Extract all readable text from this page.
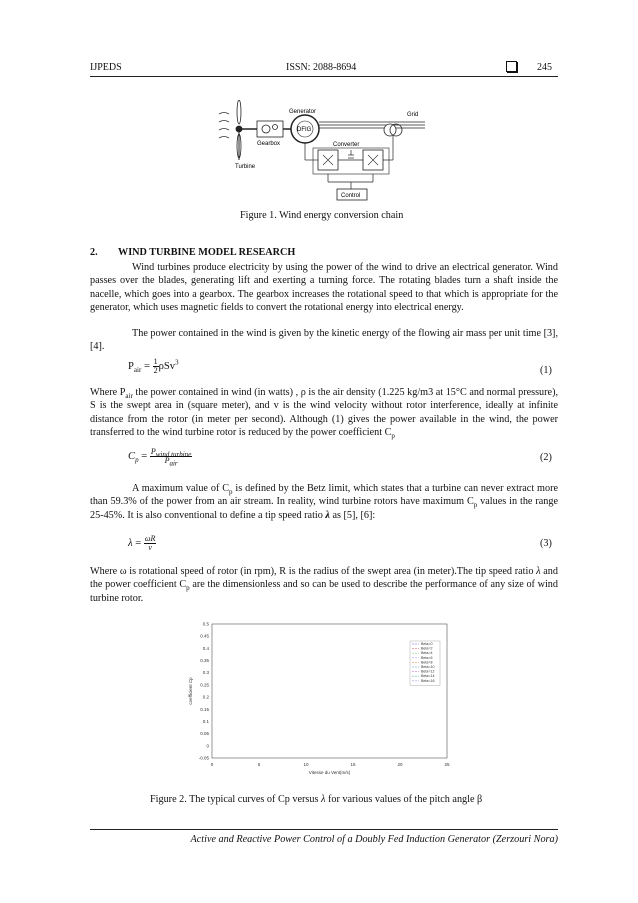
IJPEDS	ISSN: 2088-8694	245
Turbine
Gearbox
DFIG
Generator	Grid
Converter
Control
Figure 1. Wind energy conversion chain
2.  WIND TURBINE MODEL RESEARCH
Wind turbines produce electricity by using the power of the wind to drive an electrical generator. Wind passes over the blades, generating lift and exerting a turning force. The rotating blades turn a shaft inside the nacelle, which goes into a gearbox. The gearbox increases the rotational speed to that which is appropriate for the generator, which uses magnetic fields to convert the rotational energy into electrical energy.
The power contained in the wind is given by the kinetic energy of the flowing air mass per unit time [3], [4].
$P_{air} = \frac{1}{2} \rho Sv^3$
(1)
Where $P_{air}$ the power contained in wind (in watts) , ρ is the air density (1.225 kg/m3 at 15°C and normal pressure), S is the swept area in (square meter), and v is the wind velocity without rotor interference, ideally at infinite distance from the rotor (in meter per second). Although (1) gives the power available in the wind, the power transferred to the wind turbine rotor is reduced by the power coefficient $C_p$
$C_p = \frac{P_{wind turbine}}{P_{air}}$	(2)
A maximum value of $C_p$ is defined by the Betz limit, which states that a turbine can never extract more than 59.3% of the power from an air stream. In reality, wind turbine rotors have maximum $C_p$ values in the range 25-45%. It is also conventional to define a tip speed ratio λ as [5], [6]:
$\lambda = \frac{\omega R}{v}$	(3)
Where ω is rotational speed of rotor (in rpm), R is the radius of the swept area (in meter).The tip speed ratio λ and the power coefficient $C_p$ are the dimensionless and so can be used to describe the performance of any size of wind turbine rotor.
0	5	10	15	20	25
-0.05
0
0.05
0.1
0.15
0.2
0.25
0.3
0.35
0.4
0.45
0.5
Vitesse du Vent(m/s)
coefficient Cp
Beta=0
Beta=2
Beta=4
Beta=6
Beta=8
Beta=10
Beta=12
Beta=14
Beta=16
Figure 2. The typical curves of Cp versus λ for various values of the pitch angle β
Active and Reactive Power Control of a Doubly Fed Induction Generator (Zerzouri Nora)
